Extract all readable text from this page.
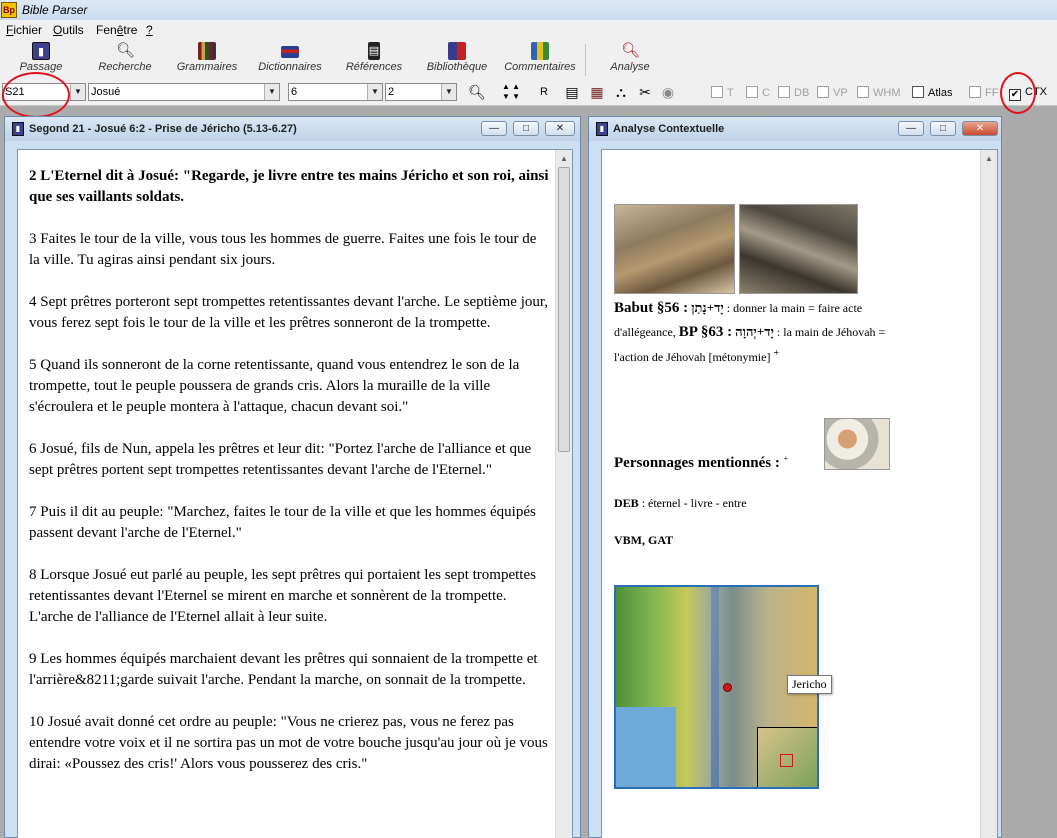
Bp Bible Parser
Fichier Outils Fenêtre ?
▮
Passage
🔍︎
Recherche	Grammaires	Dictionnaires
▤
Références	Bibliothèque	Commentaires
🔍︎
Analyse
S21	▼ Josué	▼ 6	▼ 2	▼ 🔍︎	▲ ▲
▼ ▼	R	▤ ▦ ⛬ ✂ ◉	T	C	DB	VP	WHM	Atlas	FF ✔ CTX
▮ Segond 21 - Josué 6:2 - Prise de Jéricho (5.13-6.27)	—	□	✕

2 L'Eternel dit à Josué: "Regarde, je livre entre tes mains Jéricho et son roi, ainsi que ses vaillants soldats.

3 Faites le tour de la ville, vous tous les hommes de guerre. Faites une fois le tour de la ville. Tu agiras ainsi pendant six jours.

4 Sept prêtres porteront sept trompettes retentissantes devant l'arche. Le septième jour, vous ferez sept fois le tour de la ville et les prêtres sonneront de la trompette.

5 Quand ils sonneront de la corne retentissante, quand vous entendrez le son de la trompette, tout le peuple poussera de grands cris. Alors la muraille de la ville s'écroulera et le peuple montera à l'attaque, chacun devant soi."

6 Josué, fils de Nun, appela les prêtres et leur dit: "Portez l'arche de l'alliance et que sept prêtres portent sept trompettes retentissantes devant l'arche de l'Eternel."

7 Puis il dit au peuple: "Marchez, faites le tour de la ville et que les hommes équipés passent devant l'arche de l'Eternel."

8 Lorsque Josué eut parlé au peuple, les sept prêtres qui portaient les sept trompettes retentissantes devant l'Eternel se mirent en marche et sonnèrent de la trompette. L'arche de l'alliance de l'Eternel allait à leur suite.

9 Les hommes équipés marchaient devant les prêtres qui sonnaient de la trompette et l'arrière&8211;garde suivait l'arche. Pendant la marche, on sonnait de la trompette.

10 Josué avait donné cet ordre au peuple: "Vous ne crierez pas, vous ne ferez pas entendre votre voix et il ne sortira pas un mot de votre bouche jusqu'au jour où je vous dirai: «Poussez des cris!' Alors vous pousserez des cris."

▲
▮ Analyse Contextuelle	—	□	✕
Babut §56 : יָד+נָתַן : donner la main = faire acte
d'allégeance, BP §63 : יָד+יְהוָה : la main de Jéhovah =
l'action de Jéhovah [métonymie] +
Personnages mentionnés : +
DEB : éternel - livre - entre
VBM, GAT
Jericho
▲
